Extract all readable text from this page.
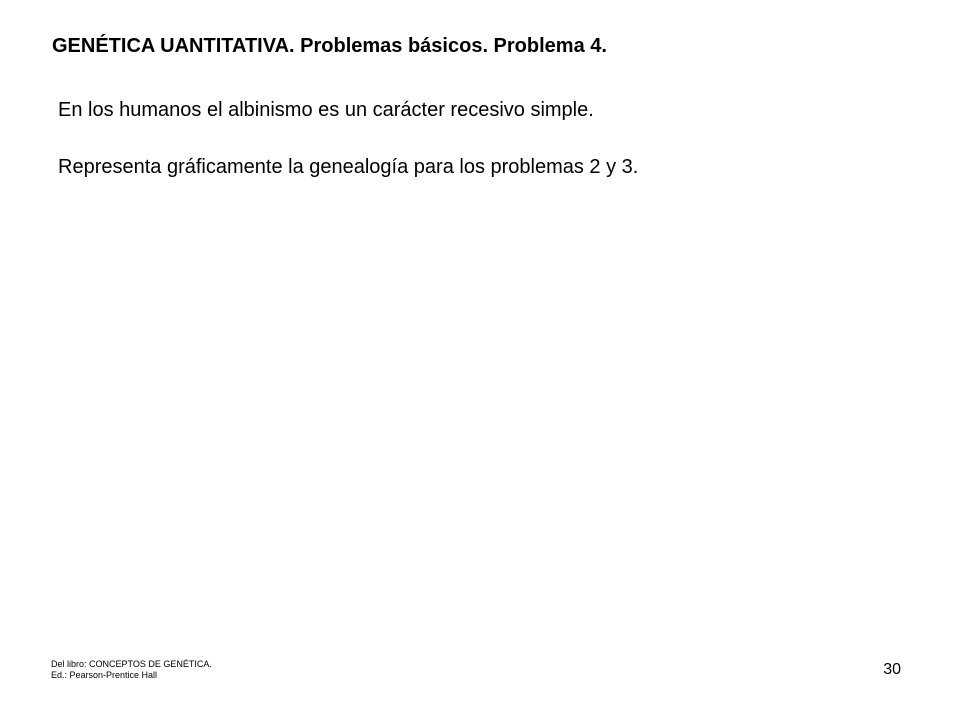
GENÉTICA UANTITATIVA. Problemas básicos. Problema 4.
En los humanos el albinismo es un carácter recesivo simple.
Representa gráficamente la genealogía para los problemas 2 y 3.
Del libro: CONCEPTOS DE GENÉTICA.
Ed.: Pearson-Prentice Hall	30
